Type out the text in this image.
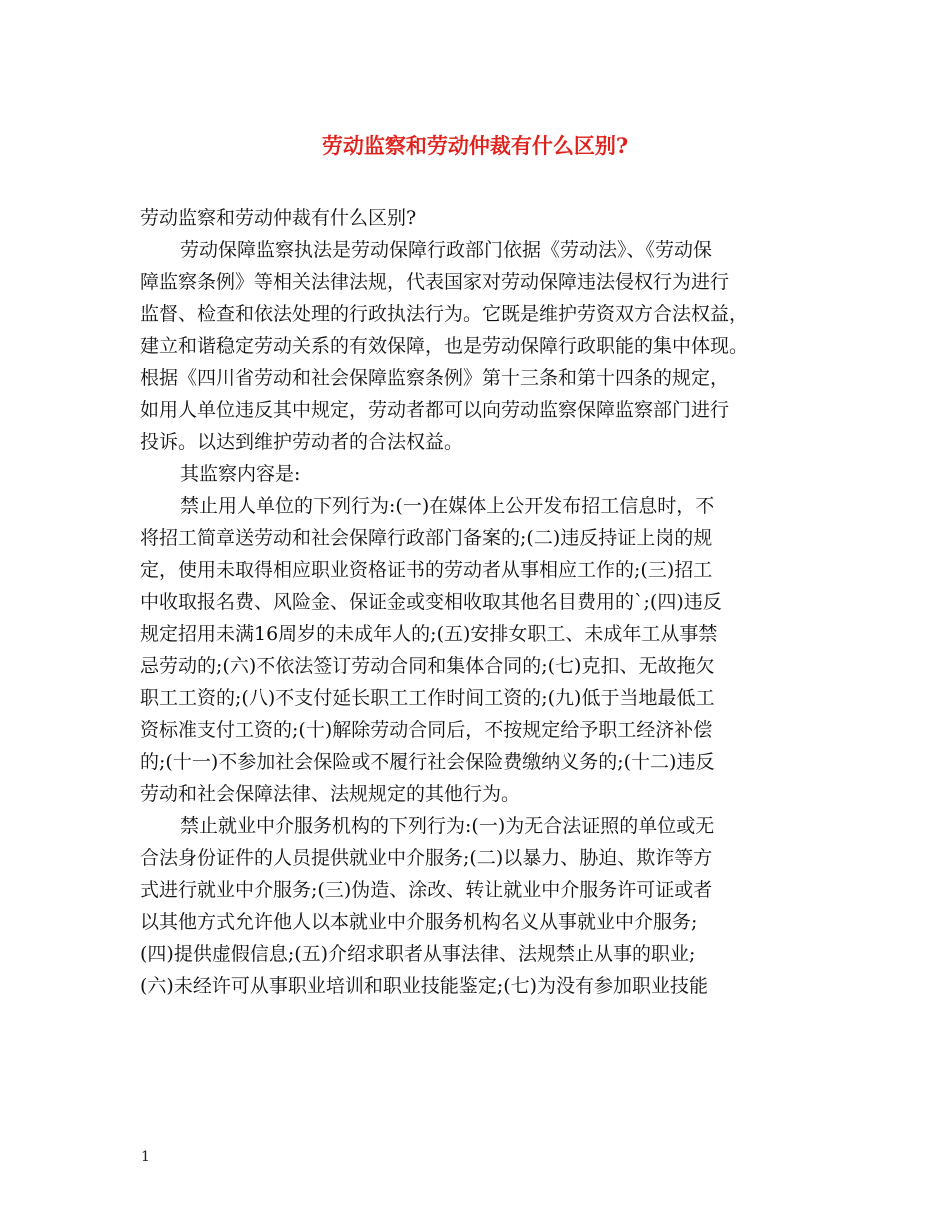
劳动监察和劳动仲裁有什么区别?
劳动监察和劳动仲裁有什么区别?
劳动保障监察执法是劳动保障行政部门依据《劳动法》、《劳动保
障监察条例》等相关法律法规，代表国家对劳动保障违法侵权行为进行
监督、检查和依法处理的行政执法行为。它既是维护劳资双方合法权益，
建立和谐稳定劳动关系的有效保障，也是劳动保障行政职能的集中体现。
根据《四川省劳动和社会保障监察条例》第十三条和第十四条的规定，
如用人单位违反其中规定，劳动者都可以向劳动监察保障监察部门进行
投诉。以达到维护劳动者的合法权益。
其监察内容是:
禁止用人单位的下列行为:(一)在媒体上公开发布招工信息时，不
将招工简章送劳动和社会保障行政部门备案的;(二)违反持证上岗的规
定，使用未取得相应职业资格证书的劳动者从事相应工作的;(三)招工
中收取报名费、风险金、保证金或变相收取其他名目费用的`;(四)违反
规定招用未满16周岁的未成年人的;(五)安排女职工、未成年工从事禁
忌劳动的;(六)不依法签订劳动合同和集体合同的;(七)克扣、无故拖欠
职工工资的;(八)不支付延长职工工作时间工资的;(九)低于当地最低工
资标准支付工资的;(十)解除劳动合同后，不按规定给予职工经济补偿
的;(十一)不参加社会保险或不履行社会保险费缴纳义务的;(十二)违反
劳动和社会保障法律、法规规定的其他行为。
禁止就业中介服务机构的下列行为:(一)为无合法证照的单位或无
合法身份证件的人员提供就业中介服务;(二)以暴力、胁迫、欺诈等方
式进行就业中介服务;(三)伪造、涂改、转让就业中介服务许可证或者
以其他方式允许他人以本就业中介服务机构名义从事就业中介服务;
(四)提供虚假信息;(五)介绍求职者从事法律、法规禁止从事的职业;
(六)未经许可从事职业培训和职业技能鉴定;(七)为没有参加职业技能
1
